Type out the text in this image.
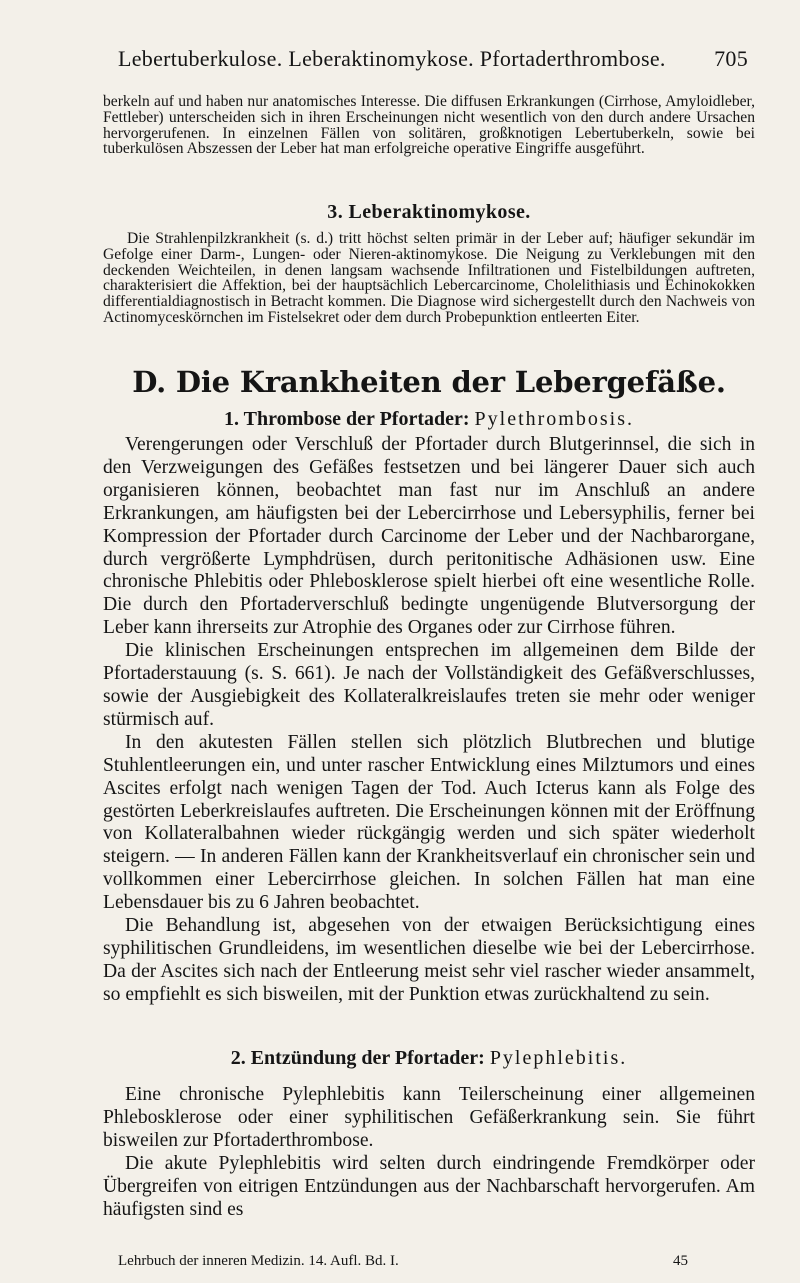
Lebertuberkulose. Leberaktinomykose. Pfortaderthrombose. 705

berkeln auf und haben nur anatomisches Interesse. Die diffusen Erkrankungen (Cirrhose, Amyloidleber, Fettleber) unterscheiden sich in ihren Erscheinungen nicht wesentlich von den durch andere Ursachen hervorgerufenen. In einzelnen Fällen von solitären, großknotigen Lebertuberkeln, sowie bei tuberkulösen Abszessen der Leber hat man erfolgreiche operative Eingriffe ausgeführt.

3. Leberaktinomykose.

Die Strahlenpilzkrankheit (s. d.) tritt höchst selten primär in der Leber auf; häufiger sekundär im Gefolge einer Darm-, Lungen- oder Nieren-aktinomykose. Die Neigung zu Verklebungen mit den deckenden Weichteilen, in denen langsam wachsende Infiltrationen und Fistelbildungen auftreten, charakterisiert die Affektion, bei der hauptsächlich Lebercarcinome, Cholelithiasis und Echinokokken differentialdiagnostisch in Betracht kommen. Die Diagnose wird sichergestellt durch den Nachweis von Actinomyceskörnchen im Fistelsekret oder dem durch Probepunktion entleerten Eiter.

D. Die Krankheiten der Lebergefäße.
1. Thrombose der Pfortader: Pylethrombosis.

Verengerungen oder Verschluß der Pfortader durch Blutgerinnsel, die sich in den Verzweigungen des Gefäßes festsetzen und bei längerer Dauer sich auch organisieren können, beobachtet man fast nur im Anschluß an andere Erkrankungen, am häufigsten bei der Lebercirrhose und Lebersyphilis, ferner bei Kompression der Pfortader durch Carcinome der Leber und der Nachbarorgane, durch vergrößerte Lymphdrüsen, durch peritonitische Adhäsionen usw. Eine chronische Phlebitis oder Phlebosklerose spielt hierbei oft eine wesentliche Rolle. Die durch den Pfortaderverschluß bedingte ungenügende Blutversorgung der Leber kann ihrerseits zur Atrophie des Organes oder zur Cirrhose führen.

Die klinischen Erscheinungen entsprechen im allgemeinen dem Bilde der Pfortaderstauung (s. S. 661). Je nach der Vollständigkeit des Gefäßverschlusses, sowie der Ausgiebigkeit des Kollateralkreislaufes treten sie mehr oder weniger stürmisch auf.

In den akutesten Fällen stellen sich plötzlich Blutbrechen und blutige Stuhlentleerungen ein, und unter rascher Entwicklung eines Milztumors und eines Ascites erfolgt nach wenigen Tagen der Tod. Auch Icterus kann als Folge des gestörten Leberkreislaufes auftreten. Die Erscheinungen können mit der Eröffnung von Kollateralbahnen wieder rückgängig werden und sich später wiederholt steigern. — In anderen Fällen kann der Krankheitsverlauf ein chronischer sein und vollkommen einer Lebercirrhose gleichen. In solchen Fällen hat man eine Lebensdauer bis zu 6 Jahren beobachtet.

Die Behandlung ist, abgesehen von der etwaigen Berücksichtigung eines syphilitischen Grundleidens, im wesentlichen dieselbe wie bei der Lebercirrhose. Da der Ascites sich nach der Entleerung meist sehr viel rascher wieder ansammelt, so empfiehlt es sich bisweilen, mit der Punktion etwas zurückhaltend zu sein.

2. Entzündung der Pfortader: Pylephlebitis.

Eine chronische Pylephlebitis kann Teilerscheinung einer allgemeinen Phlebosklerose oder einer syphilitischen Gefäßerkrankung sein. Sie führt bisweilen zur Pfortaderthrombose.

Die akute Pylephlebitis wird selten durch eindringende Fremdkörper oder Übergreifen von eitrigen Entzündungen aus der Nachbarschaft hervorgerufen. Am häufigsten sind es

Lehrbuch der inneren Medizin. 14. Aufl. Bd. I.	45
